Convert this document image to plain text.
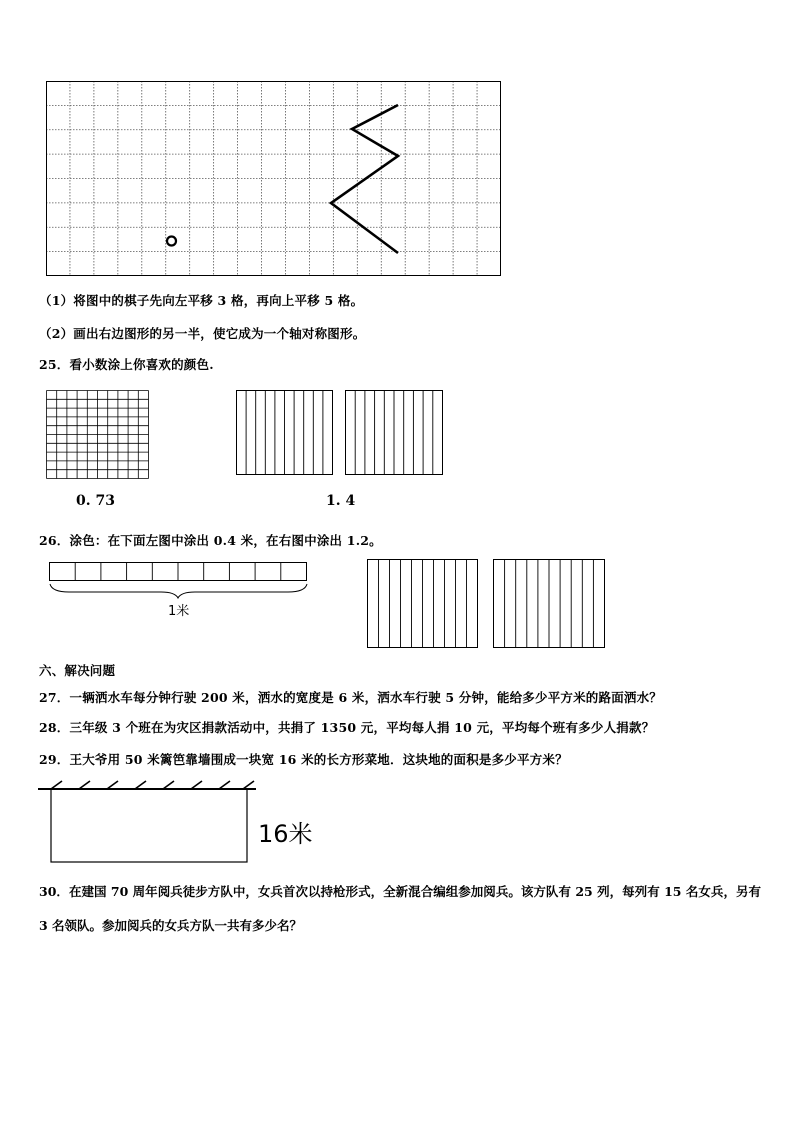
（1）将图中的棋子先向左平移 3 格，再向上平移 5 格。
（2）画出右边图形的另一半，使它成为一个轴对称图形。
25．看小数涂上你喜欢的颜色.
0. 73	1. 4
26．涂色：在下面左图中涂出 0.4 米，在右图中涂出 1.2。
1米
六、解决问题
27．一辆洒水车每分钟行驶 200 米，洒水的宽度是 6 米，洒水车行驶 5 分钟，能给多少平方米的路面洒水？
28．三年级 3 个班在为灾区捐款活动中，共捐了 1350 元，平均每人捐 10 元，平均每个班有多少人捐款？
29．王大爷用 50 米篱笆靠墙围成一块宽 16 米的长方形菜地．这块地的面积是多少平方米？
16米
30．在建国 70 周年阅兵徒步方队中，女兵首次以持枪形式，全新混合编组参加阅兵。该方队有 25 列，每列有 15 名女兵，另有 3 名领队。参加阅兵的女兵方队一共有多少名？
